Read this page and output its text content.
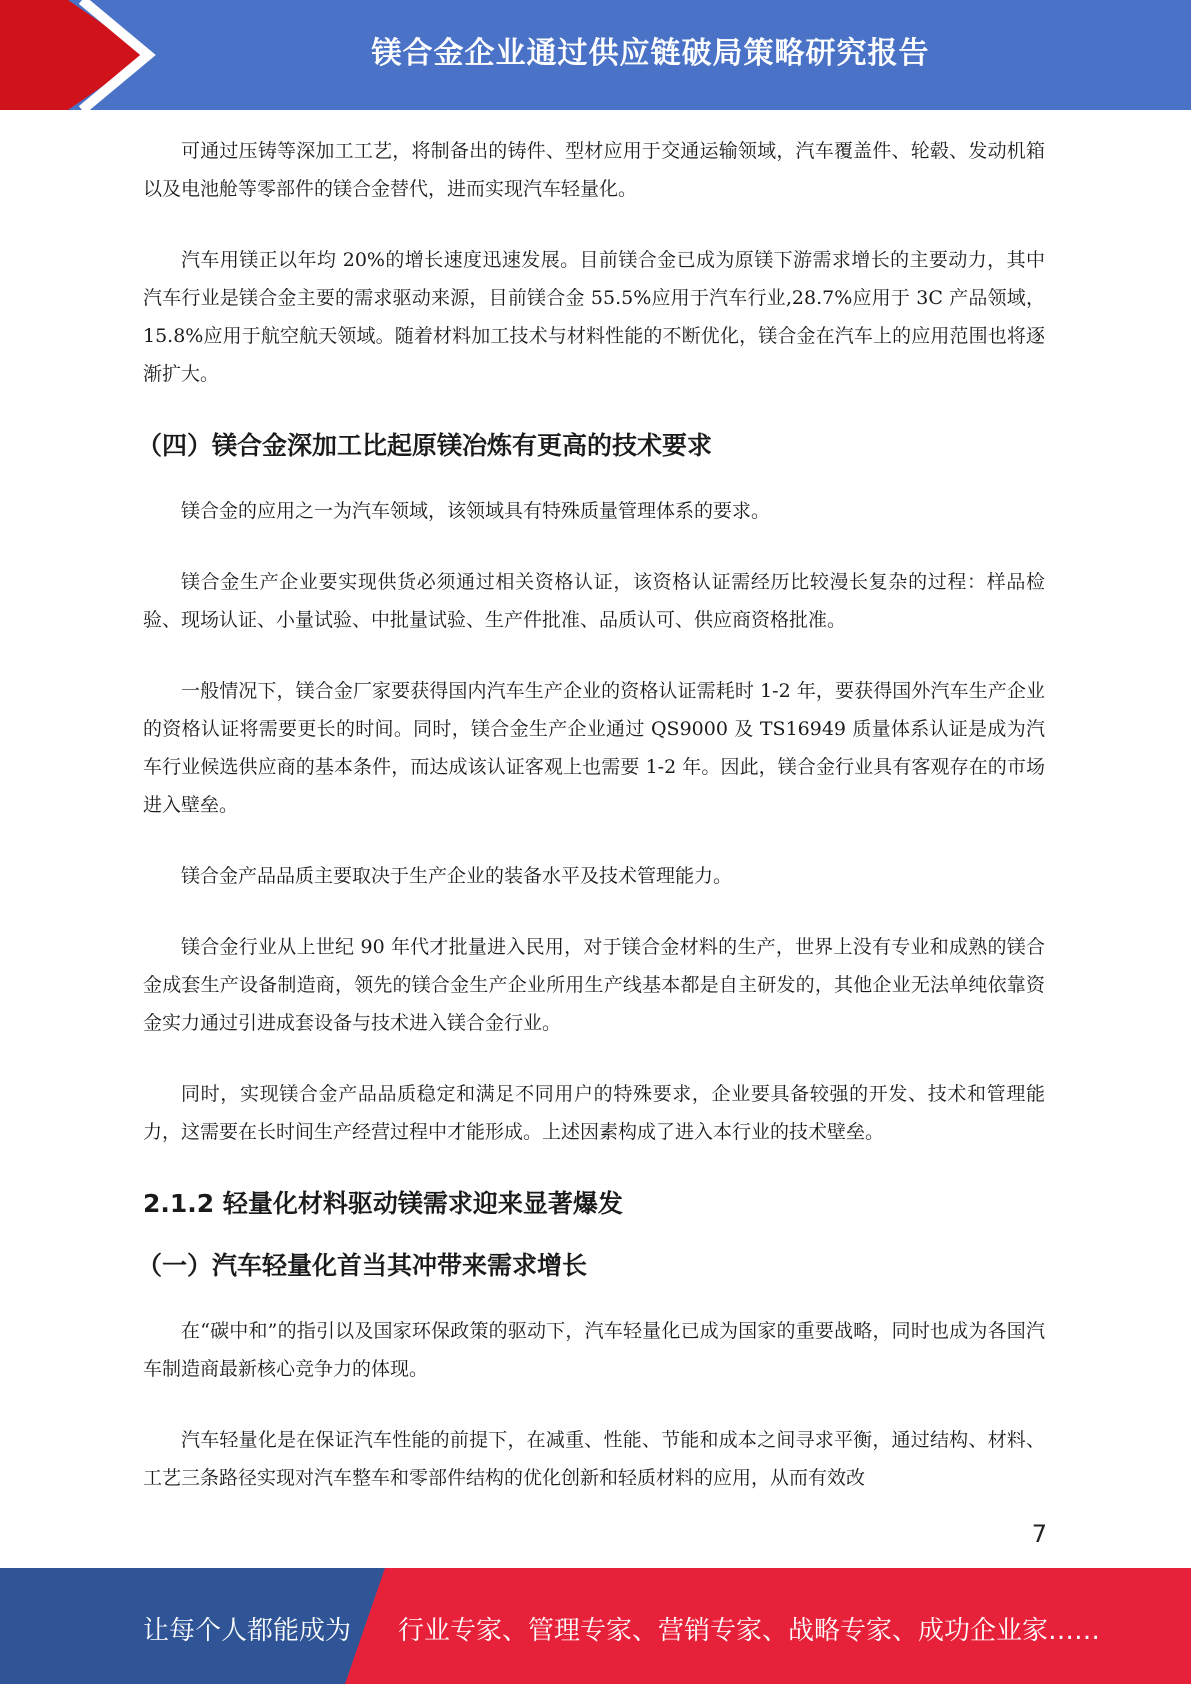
镁合金企业通过供应链破局策略研究报告

可通过压铸等深加工工艺，将制备出的铸件、型材应用于交通运输领域，汽车覆盖件、轮毂、发动机箱以及电池舱等零部件的镁合金替代，进而实现汽车轻量化。

汽车用镁正以年均 20%的增长速度迅速发展。目前镁合金已成为原镁下游需求增长的主要动力，其中汽车行业是镁合金主要的需求驱动来源，目前镁合金 55.5%应用于汽车行业,28.7%应用于 3C 产品领域，15.8%应用于航空航天领域。随着材料加工技术与材料性能的不断优化，镁合金在汽车上的应用范围也将逐渐扩大。

（四）镁合金深加工比起原镁冶炼有更高的技术要求

镁合金的应用之一为汽车领域，该领域具有特殊质量管理体系的要求。

镁合金生产企业要实现供货必须通过相关资格认证，该资格认证需经历比较漫长复杂的过程：样品检验、现场认证、小量试验、中批量试验、生产件批准、品质认可、供应商资格批准。

一般情况下，镁合金厂家要获得国内汽车生产企业的资格认证需耗时 1-2 年，要获得国外汽车生产企业的资格认证将需要更长的时间。同时，镁合金生产企业通过 QS9000 及 TS16949 质量体系认证是成为汽车行业候选供应商的基本条件，而达成该认证客观上也需要 1-2 年。因此，镁合金行业具有客观存在的市场进入壁垒。

镁合金产品品质主要取决于生产企业的装备水平及技术管理能力。

镁合金行业从上世纪 90 年代才批量进入民用，对于镁合金材料的生产，世界上没有专业和成熟的镁合金成套生产设备制造商，领先的镁合金生产企业所用生产线基本都是自主研发的，其他企业无法单纯依靠资金实力通过引进成套设备与技术进入镁合金行业。

同时，实现镁合金产品品质稳定和满足不同用户的特殊要求，企业要具备较强的开发、技术和管理能力，这需要在长时间生产经营过程中才能形成。上述因素构成了进入本行业的技术壁垒。

2.1.2 轻量化材料驱动镁需求迎来显著爆发
（一）汽车轻量化首当其冲带来需求增长

在“碳中和”的指引以及国家环保政策的驱动下，汽车轻量化已成为国家的重要战略，同时也成为各国汽车制造商最新核心竞争力的体现。

汽车轻量化是在保证汽车性能的前提下，在减重、性能、节能和成本之间寻求平衡，通过结构、材料、工艺三条路径实现对汽车整车和零部件结构的优化创新和轻质材料的应用，从而有效改

7
让每个人都能成为 行业专家、管理专家、营销专家、战略专家、成功企业家……
